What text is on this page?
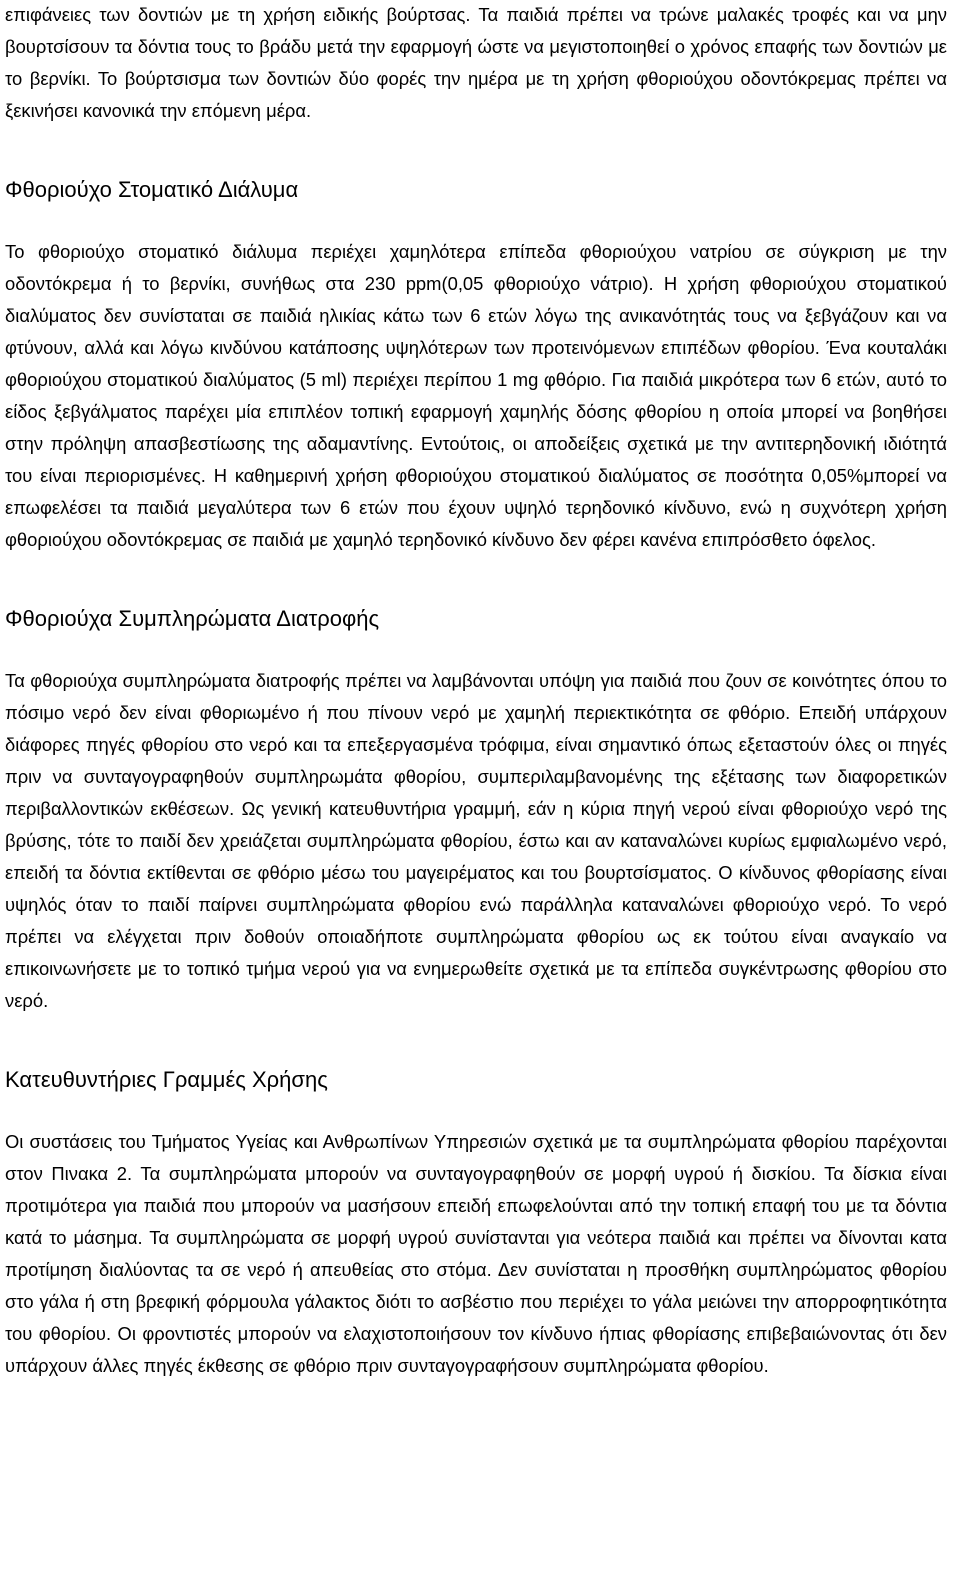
επιφάνειες των δοντιών με τη χρήση ειδικής βούρτσας. Τα παιδιά πρέπει να τρώνε μαλακές τροφές και να μην βουρτσίσουν τα δόντια τους το βράδυ μετά την εφαρμογή ώστε να μεγιστοποιηθεί ο χρόνος επαφής των δοντιών με το βερνίκι. Το βούρτσισμα των δοντιών δύο φορές την ημέρα με τη χρήση φθοριούχου οδοντόκρεμας πρέπει να ξεκινήσει κανονικά την επόμενη μέρα.

Φθοριούχο Στοματικό Διάλυμα

Το φθοριούχο στοματικό διάλυμα περιέχει χαμηλότερα επίπεδα φθοριούχου νατρίου σε σύγκριση με την οδοντόκρεμα ή το βερνίκι, συνήθως στα 230 ppm(0,05 φθοριούχο νάτριο). Η χρήση φθοριούχου στοματικού διαλύματος δεν συνίσταται σε παιδιά ηλικίας κάτω των 6 ετών λόγω της ανικανότητάς τους να ξεβγάζουν και να φτύνουν, αλλά και λόγω κινδύνου κατάποσης υψηλότερων των προτεινόμενων επιπέδων φθορίου. Ένα κουταλάκι φθοριούχου στοματικού διαλύματος (5 ml) περιέχει περίπου 1 mg φθόριο. Για παιδιά μικρότερα των 6 ετών, αυτό το είδος ξεβγάλματος παρέχει μία επιπλέον τοπική εφαρμογή χαμηλής δόσης φθορίου η οποία μπορεί να βοηθήσει στην πρόληψη απασβεστίωσης της αδαμαντίνης. Εντούτοις, οι αποδείξεις σχετικά με την αντιτερηδονική ιδιότητά του είναι περιορισμένες. Η καθημερινή χρήση φθοριούχου στοματικού διαλύματος σε ποσότητα 0,05%μπορεί να επωφελέσει τα παιδιά μεγαλύτερα των 6 ετών που έχουν υψηλό τερηδονικό κίνδυνο, ενώ η συχνότερη χρήση φθοριούχου οδοντόκρεμας σε παιδιά με χαμηλό τερηδονικό κίνδυνο δεν φέρει κανένα επιπρόσθετο όφελος.

Φθοριούχα Συμπληρώματα Διατροφής

Τα φθοριούχα συμπληρώματα διατροφής πρέπει να λαμβάνονται υπόψη για παιδιά που ζουν σε κοινότητες όπου το πόσιμο νερό δεν είναι φθοριωμένο ή που πίνουν νερό με χαμηλή περιεκτικότητα σε φθόριο. Επειδή υπάρχουν διάφορες πηγές φθορίου στο νερό και τα επεξεργασμένα τρόφιμα, είναι σημαντικό όπως εξεταστούν όλες οι πηγές πριν να συνταγογραφηθούν συμπληρωμάτα φθορίου, συμπεριλαμβανομένης της εξέτασης των διαφορετικών περιβαλλοντικών εκθέσεων. Ως γενική κατευθυντήρια γραμμή, εάν η κύρια πηγή νερού είναι φθοριούχο νερό της βρύσης, τότε το παιδί δεν χρειάζεται συμπληρώματα φθορίου, έστω και αν καταναλώνει κυρίως εμφιαλωμένο νερό, επειδή τα δόντια εκτίθενται σε φθόριο μέσω του μαγειρέματος και του βουρτσίσματος. Ο κίνδυνος φθορίασης είναι υψηλός όταν το παιδί παίρνει συμπληρώματα φθορίου ενώ παράλληλα καταναλώνει φθοριούχο νερό. Το νερό πρέπει να ελέγχεται πριν δοθούν οποιαδήποτε συμπληρώματα φθορίου ως εκ τούτου είναι αναγκαίο να επικοινωνήσετε με το τοπικό τμήμα νερού για να ενημερωθείτε σχετικά με τα επίπεδα συγκέντρωσης φθορίου στο νερό.

Κατευθυντήριες Γραμμές Χρήσης

Οι συστάσεις του Τμήματος Υγείας και Ανθρωπίνων Υπηρεσιών σχετικά με τα συμπληρώματα φθορίου παρέχονται στον Πινακα 2. Τα συμπληρώματα μπορούν να συνταγογραφηθούν σε μορφή υγρού ή δισκίου. Τα δίσκια είναι προτιμότερα για παιδιά που μπορούν να μασήσουν επειδή επωφελούνται από την τοπική επαφή του με τα δόντια κατά το μάσημα. Τα συμπληρώματα σε μορφή υγρού συνίστανται για νεότερα παιδιά και πρέπει να δίνονται κατα προτίμηση διαλύοντας τα σε νερό ή απευθείας στο στόμα. Δεν συνίσταται η προσθήκη συμπληρώματος φθορίου στο γάλα ή στη βρεφική φόρμουλα γάλακτος διότι το ασβέστιο που περιέχει το γάλα μειώνει την απορροφητικότητα του φθορίου. Οι φροντιστές μπορούν να ελαχιστοποιήσουν τον κίνδυνο ήπιας φθορίασης επιβεβαιώνοντας ότι δεν υπάρχουν άλλες πηγές έκθεσης σε φθόριο πριν συνταγογραφήσουν συμπληρώματα φθορίου.
